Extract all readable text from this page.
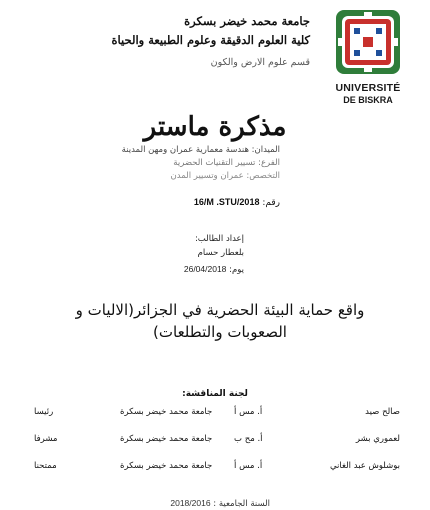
UNIVERSITÉ
DE BISKRA
جامعة محمد خيضر بسكرة
كلية العلوم الدقيقة وعلوم الطبيعة والحياة
قسم علوم الارض والكون
مذكرة ماستر
الميدان: هندسة معمارية عمران ومهن المدينة
الفرع: تسيير التقنيات الحضرية
التخصص: عمران وتسيير المدن
رقم: 16/M .STU/2018
إعداد الطالب:
بلعطار حسام
يوم: 26/04/2018
واقع حماية البيئة الحضرية في الجزائر(الاليات و الصعوبات والتطلعات)
لجنة المناقشة:
صالح صيد
أ. مس أ
جامعة محمد خيضر بسكرة
رئيسا
لعموري بشر
أ. مح ب
جامعة محمد خيضر بسكرة
مشرفا
بوشلوش عبد الغاني
أ. مس أ
جامعة محمد خيضر بسكرة
ممتحنا
السنة الجامعية : 2018/2016
